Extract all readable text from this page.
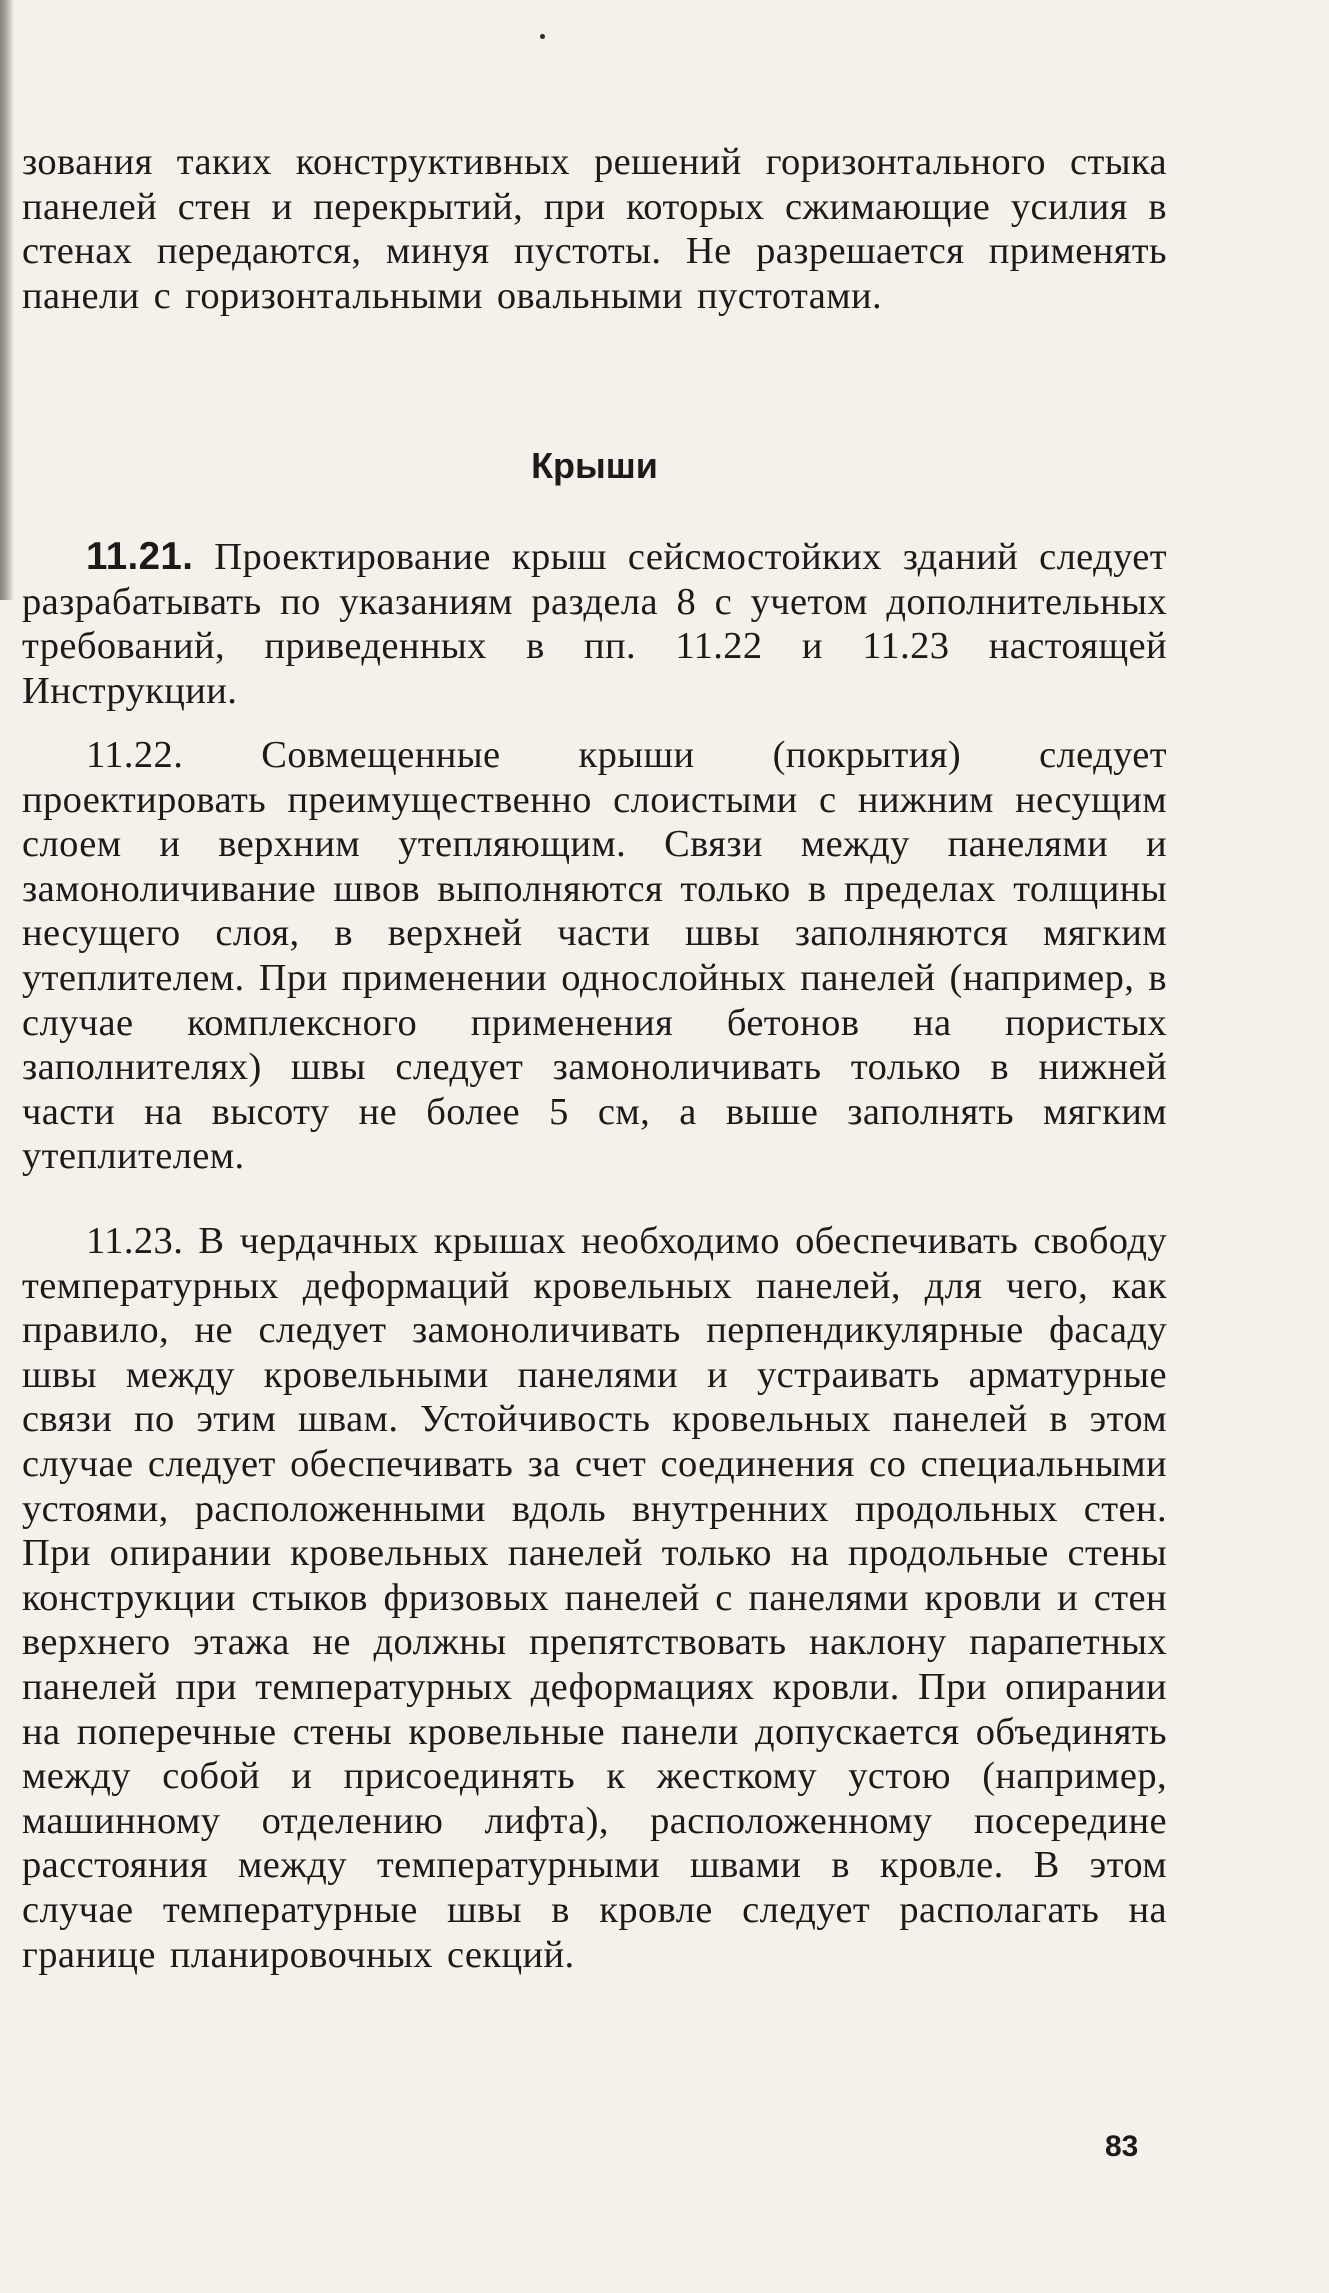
зования таких конструктивных решений горизонтального стыка панелей стен и перекрытий, при которых сжимающие усилия в стенах передаются, минуя пустоты. Не разрешается применять панели с горизонтальными овальными пустотами.

Крыши

11.21. Проектирование крыш сейсмостойких зданий следует разрабатывать по указаниям раздела 8 с учетом дополнительных требований, приведенных в пп. 11.22 и 11.23 настоящей Инструкции.

11.22. Совмещенные крыши (покрытия) следует проектировать преимущественно слоистыми с нижним несущим слоем и верхним утепляющим. Связи между панелями и замоноличивание швов выполняются только в пределах толщины несущего слоя, в верхней части швы заполняются мягким утеплителем. При применении однослойных панелей (например, в случае комплексного применения бетонов на пористых заполнителях) швы следует замоноличивать только в нижней части на высоту не более 5 см, а выше заполнять мягким утеплителем.

11.23. В чердачных крышах необходимо обеспечивать свободу температурных деформаций кровельных панелей, для чего, как правило, не следует замоноличивать перпендикулярные фасаду швы между кровельными панелями и устраивать арматурные связи по этим швам. Устойчивость кровельных панелей в этом случае следует обеспечивать за счет соединения со специальными устоями, расположенными вдоль внутренних продольных стен. При опирании кровельных панелей только на продольные стены конструкции стыков фризовых панелей с панелями кровли и стен верхнего этажа не должны препятствовать наклону парапетных панелей при температурных деформациях кровли. При опирании на поперечные стены кровельные панели допускается объединять между собой и присоединять к жесткому устою (например, машинному отделению лифта), расположенному посередине расстояния между температурными швами в кровле. В этом случае температурные швы в кровле следует располагать на границе планировочных секций.

83
